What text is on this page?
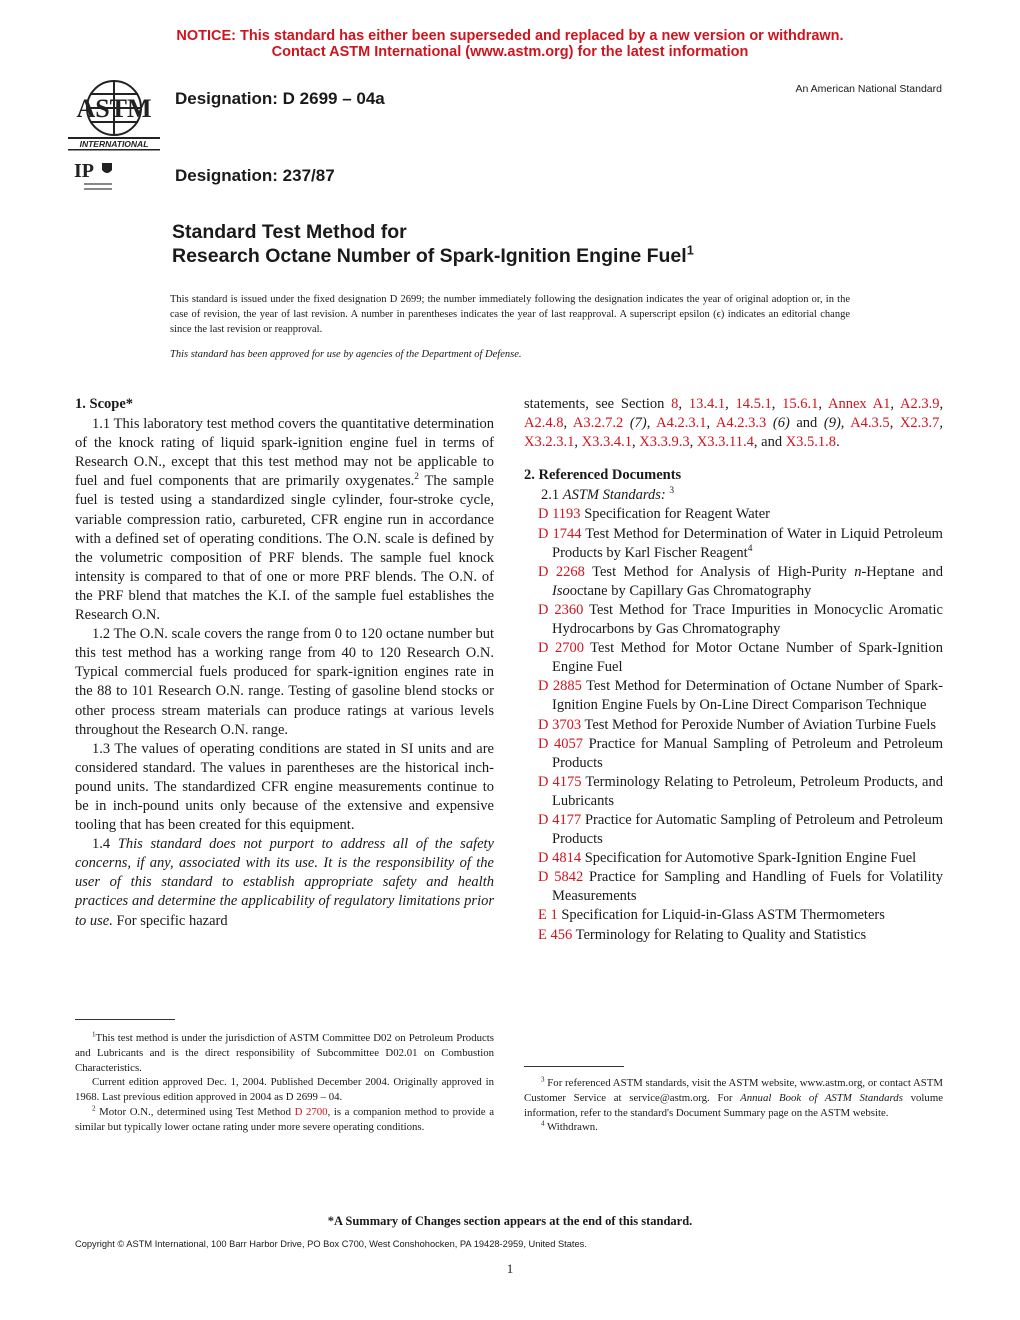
NOTICE: This standard has either been superseded and replaced by a new version or withdrawn.
Contact ASTM International (www.astm.org) for the latest information
ASTM
INTERNATIONAL
IP
Designation: D 2699 – 04a
Designation: 237/87
An American National Standard
Standard Test Method for
Research Octane Number of Spark-Ignition Engine Fuel$^1$
This standard is issued under the fixed designation D 2699; the number immediately following the designation indicates the year of original adoption or, in the case of revision, the year of last revision. A number in parentheses indicates the year of last reapproval. A superscript epsilon (ϵ) indicates an editorial change since the last revision or reapproval.
This standard has been approved for use by agencies of the Department of Defense.

1. Scope*

1.1 This laboratory test method covers the quantitative determination of the knock rating of liquid spark-ignition engine fuel in terms of Research O.N., except that this test method may not be applicable to fuel and fuel components that are primarily oxygenates.$^2$ The sample fuel is tested using a standardized single cylinder, four-stroke cycle, variable compression ratio, carbureted, CFR engine run in accordance with a defined set of operating conditions. The O.N. scale is defined by the volumetric composition of PRF blends. The sample fuel knock intensity is compared to that of one or more PRF blends. The O.N. of the PRF blend that matches the K.I. of the sample fuel establishes the Research O.N.

1.2 The O.N. scale covers the range from 0 to 120 octane number but this test method has a working range from 40 to 120 Research O.N. Typical commercial fuels produced for spark-ignition engines rate in the 88 to 101 Research O.N. range. Testing of gasoline blend stocks or other process stream materials can produce ratings at various levels throughout the Research O.N. range.

1.3 The values of operating conditions are stated in SI units and are considered standard. The values in parentheses are the historical inch-pound units. The standardized CFR engine measurements continue to be in inch-pound units only because of the extensive and expensive tooling that has been created for this equipment.

1.4 This standard does not purport to address all of the safety concerns, if any, associated with its use. It is the responsibility of the user of this standard to establish appropriate safety and health practices and determine the applicability of regulatory limitations prior to use. For specific hazard

statements, see Section 8, 13.4.1, 14.5.1, 15.6.1, Annex A1, A2.3.9, A2.4.8, A3.2.7.2 (7), A4.2.3.1, A4.2.3.3 (6) and (9), A4.3.5, X2.3.7, X3.2.3.1, X3.3.4.1, X3.3.9.3, X3.3.11.4, and X3.5.1.8.

2. Referenced Documents

2.1 ASTM Standards: $^3$

D 1193 Specification for Reagent Water

D 1744 Test Method for Determination of Water in Liquid Petroleum Products by Karl Fischer Reagent$^4$

D 2268 Test Method for Analysis of High-Purity n-Heptane and Isooctane by Capillary Gas Chromatography

D 2360 Test Method for Trace Impurities in Monocyclic Aromatic Hydrocarbons by Gas Chromatography

D 2700 Test Method for Motor Octane Number of Spark-Ignition Engine Fuel

D 2885 Test Method for Determination of Octane Number of Spark-Ignition Engine Fuels by On-Line Direct Comparison Technique

D 3703 Test Method for Peroxide Number of Aviation Turbine Fuels

D 4057 Practice for Manual Sampling of Petroleum and Petroleum Products

D 4175 Terminology Relating to Petroleum, Petroleum Products, and Lubricants

D 4177 Practice for Automatic Sampling of Petroleum and Petroleum Products

D 4814 Specification for Automotive Spark-Ignition Engine Fuel

D 5842 Practice for Sampling and Handling of Fuels for Volatility Measurements

E 1 Specification for Liquid-in-Glass ASTM Thermometers

E 456 Terminology for Relating to Quality and Statistics

$^1$This test method is under the jurisdiction of ASTM Committee D02 on Petroleum Products and Lubricants and is the direct responsibility of Subcommittee D02.01 on Combustion Characteristics.

Current edition approved Dec. 1, 2004. Published December 2004. Originally approved in 1968. Last previous edition approved in 2004 as D 2699 – 04.

$^2$ Motor O.N., determined using Test Method D 2700, is a companion method to provide a similar but typically lower octane rating under more severe operating conditions.

$^3$ For referenced ASTM standards, visit the ASTM website, www.astm.org, or contact ASTM Customer Service at service@astm.org. For Annual Book of ASTM Standards volume information, refer to the standard's Document Summary page on the ASTM website.

$^4$ Withdrawn.

*A Summary of Changes section appears at the end of this standard.
Copyright © ASTM International, 100 Barr Harbor Drive, PO Box C700, West Conshohocken, PA 19428-2959, United States.
1
